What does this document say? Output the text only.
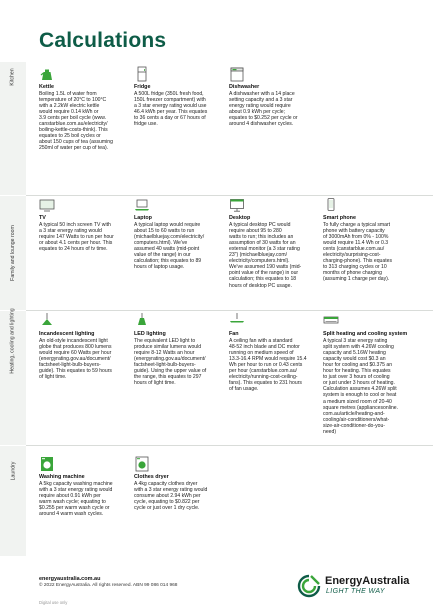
Calculations
Kitchen
Family and lounge room
Heating, cooling and lighting
Laundry
Kettle
Boiling 1.5L of water from
temperature of 20°C to 100°C
with a 2.2kW electric kettle
would require 0.14 kWh or
3.9 cents per boil cycle (www.
canstarblue.com.au/electricity/
boiling-kettle-costs-think). This
equates to 25 boil cycles or
about 150 cups of tea (assuming
250ml of water per cup of tea).
Fridge
A 500L fridge (350L fresh food,
150L freezer compartment) with
a 3 star energy rating would use
46.4 kWh per year. This equates
to 36 cents a day or 67 hours of
fridge use.
Dishwasher
A dishwasher with a 14 place
setting capacity and a 3 star
energy rating would require
about 0.9 kWh per cycle;
equates to $0.252 per cycle or
around 4 dishwasher cycles.
TV
A typical 50 inch screen TV with
a 3 star energy rating would
require 147 Watts to run per hour
or about 4.1 cents per hour. This
equates to 24 hours of tv time.
Laptop
A typical laptop would require
about 15 to 60 watts to run
(michaelbluejay.com/electricity/
computers.html). We've
assumed 40 watts (mid-point
value of the range) in our
calculation; this equates to 89
hours of laptop usage.
Desktop
A typical desktop PC would
require about 95 to 280
watts to run; this includes an
assumption of 30 watts for an
external monitor (a 3 star rating
23") (michaelbluejay.com/
electricity/computers.html).
We've assumed 190 watts (mid-
point value of the range) in our
calculation; this equates to 18
hours of desktop PC usage.
Smart phone
To fully charge a typical smart
phone with battery capacity
of 3000mAh from 0% - 100%
would require 11.4 Wh or 0.3
cents (canstarblue.com.au/
electricity/surprising-cost-
charging-phone). This equates
to 313 charging cycles or 10
months of phone charging
(assuming 1 charge per day).
Incandescent lighting
An old-style incandescent light
globe that produces 800 lumens
would require 60 Watts per hour
(energyrating.gov.au/document/
factsheet-light-bulb-buyers-
guide). This equates to 59 hours
of light time.
LED lighting
The equivalent LED light to
produce similar lumens would
require 8-12 Watts an hour
(energyrating.gov.au/document/
factsheet-light-bulb-buyers-
guide). Using the upper value of
the range, this equates to 297
hours of light time.
Fan
A ceiling fan with a standard
48-52 inch blade and DC motor
running on medium speed of
13.3-16.4 RPM would require 15.4
Wh per hour to run or 0.43 cents
per hour (canstarblue.com.au/
electricity/running-cost-ceiling-
fans). This equates to 231 hours
of fan usage.
Split heating and cooling system
A typical 3 star energy rating
split system with 4.26W cooling
capacity and 5.16W heating
capacity would cost $0.3 an
hour for cooling and $0.375 an
hour for heating. This equates
to just over 3 hours of cooling
or just under 3 hours of heating.
Calculation assumes 4.26W split
system is enough to cool or heat
a medium sized room of 20-40
square metres (appliancesonline.
com.au/article/heating-and-
cooling/air-conditioners/what-
size-air-conditioner-do-you-
need)
Washing machine
A 5kg capacity washing machine
with a 3 star energy rating would
require about 0.91 kWh per
warm wash cycle; equating to
$0.255 per warm wash cycle or
around 4 warm wash cycles.
Clothes dryer
A 4kg capacity clothes dryer
with a 3 star energy rating would
consume about 2.94 kWh per
cycle, equating to $0.822 per
cycle or just over 1 dry cycle.
energyaustralia.com.au
© 2022 EnergyAustralia. All rights reserved. ABN 99 086 014 968
Digital use only
EnergyAustralia
LIGHT THE WAY
